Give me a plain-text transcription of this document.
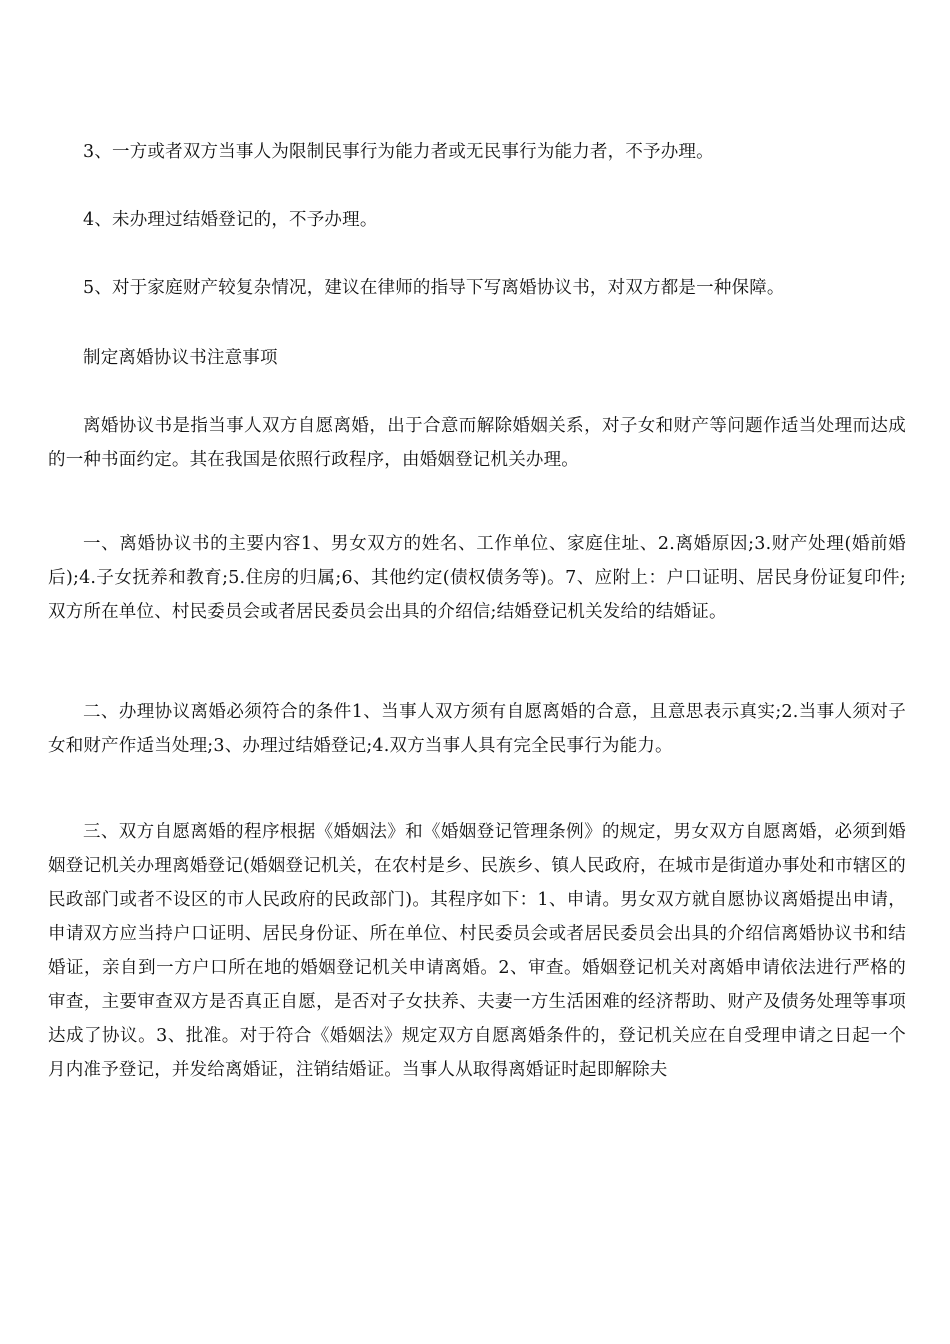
3、一方或者双方当事人为限制民事行为能力者或无民事行为能力者，不予办理。

4、未办理过结婚登记的，不予办理。

5、对于家庭财产较复杂情况，建议在律师的指导下写离婚协议书，对双方都是一种保障。

制定离婚协议书注意事项

离婚协议书是指当事人双方自愿离婚，出于合意而解除婚姻关系，对子女和财产等问题作适当处理而达成的一种书面约定。其在我国是依照行政程序，由婚姻登记机关办理。

一、离婚协议书的主要内容1、男女双方的姓名、工作单位、家庭住址、2.离婚原因;3.财产处理(婚前婚后);4.子女抚养和教育;5.住房的归属;6、其他约定(债权债务等)。7、应附上：户口证明、居民身份证复印件;双方所在单位、村民委员会或者居民委员会出具的介绍信;结婚登记机关发给的结婚证。

二、办理协议离婚必须符合的条件1、当事人双方须有自愿离婚的合意，且意思表示真实;2.当事人须对子女和财产作适当处理;3、办理过结婚登记;4.双方当事人具有完全民事行为能力。

三、双方自愿离婚的程序根据《婚姻法》和《婚姻登记管理条例》的规定，男女双方自愿离婚，必须到婚姻登记机关办理离婚登记(婚姻登记机关，在农村是乡、民族乡、镇人民政府，在城市是街道办事处和市辖区的民政部门或者不设区的市人民政府的民政部门)。其程序如下：1、申请。男女双方就自愿协议离婚提出申请，申请双方应当持户口证明、居民身份证、所在单位、村民委员会或者居民委员会出具的介绍信离婚协议书和结婚证，亲自到一方户口所在地的婚姻登记机关申请离婚。2、审查。婚姻登记机关对离婚申请依法进行严格的审查，主要审查双方是否真正自愿，是否对子女扶养、夫妻一方生活困难的经济帮助、财产及债务处理等事项达成了协议。3、批准。对于符合《婚姻法》规定双方自愿离婚条件的，登记机关应在自受理申请之日起一个月内准予登记，并发给离婚证，注销结婚证。当事人从取得离婚证时起即解除夫
